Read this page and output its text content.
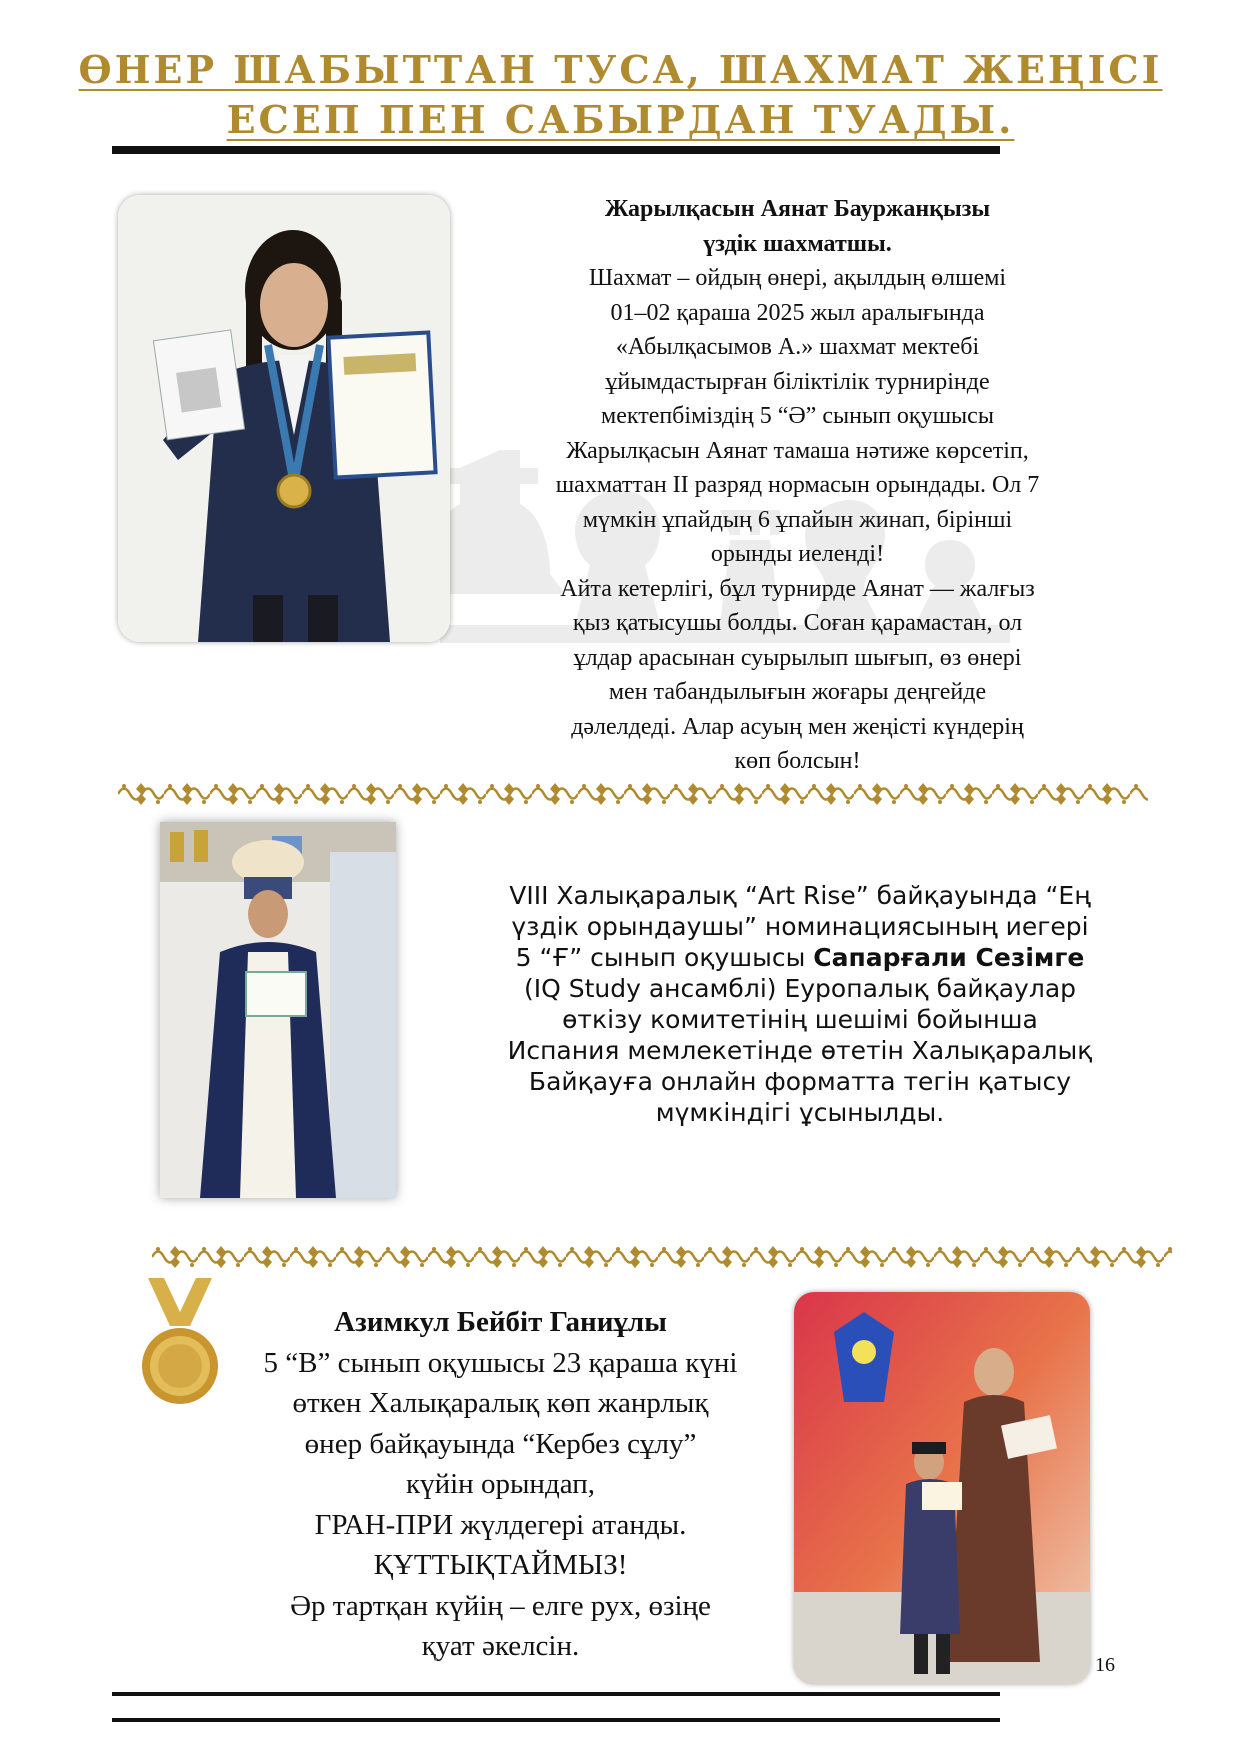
ӨНЕР ШАБЫТТАН ТУСА, ШАХМАТ ЖЕҢІСІ
ЕСЕП ПЕН САБЫРДАН ТУАДЫ.
Жарылқасын Аянат Бауржанқызы
үздік шахматшы.
Шахмат – ойдың өнері, ақылдың өлшемі
01–02 қараша 2025 жыл аралығында
«Абылқасымов А.» шахмат мектебі
ұйымдастырған біліктілік турнирінде
мектепбіміздің 5 “Ә” сынып оқушысы
Жарылқасын Аянат тамаша нәтиже көрсетіп,
шахматтан II разряд нормасын орындады. Ол 7
мүмкін ұпайдың 6 ұпайын жинап, бірінші
орынды иеленді!
Айта кетерлігі, бұл турнирде Аянат — жалғыз
қыз қатысушы болды. Соған қарамастан, ол
ұлдар арасынан суырылып шығып, өз өнері
мен табандылығын жоғары деңгейде
дәлелдеді. Алар асуың мен жеңісті күндерің
көп болсын!
VIII Халықаралық “Art Rise” байқауында “Ең
үздік орындаушы” номинациясының иегері
5 “Ғ” сынып оқушысы Сапарғали Сезімге
(IQ Study ансамблі) Еуропалық байқаулар
өткізу комитетінің шешімі бойынша
Испания мемлекетінде өтетін Халықаралық
Байқауға онлайн форматта тегін қатысу
мүмкіндігі ұсынылды.
Азимкул Бейбіт Ганиұлы
5 “В” сынып оқушысы 23 қараша күні
өткен Халықаралық көп жанрлық
өнер байқауында “Кербез сұлу”
күйін орындап,
ГРАН-ПРИ жүлдегері атанды.
ҚҰТТЫҚТАЙМЫЗ!
Әр тартқан күйің – елге рух, өзіңе
қуат әкелсін.
16
